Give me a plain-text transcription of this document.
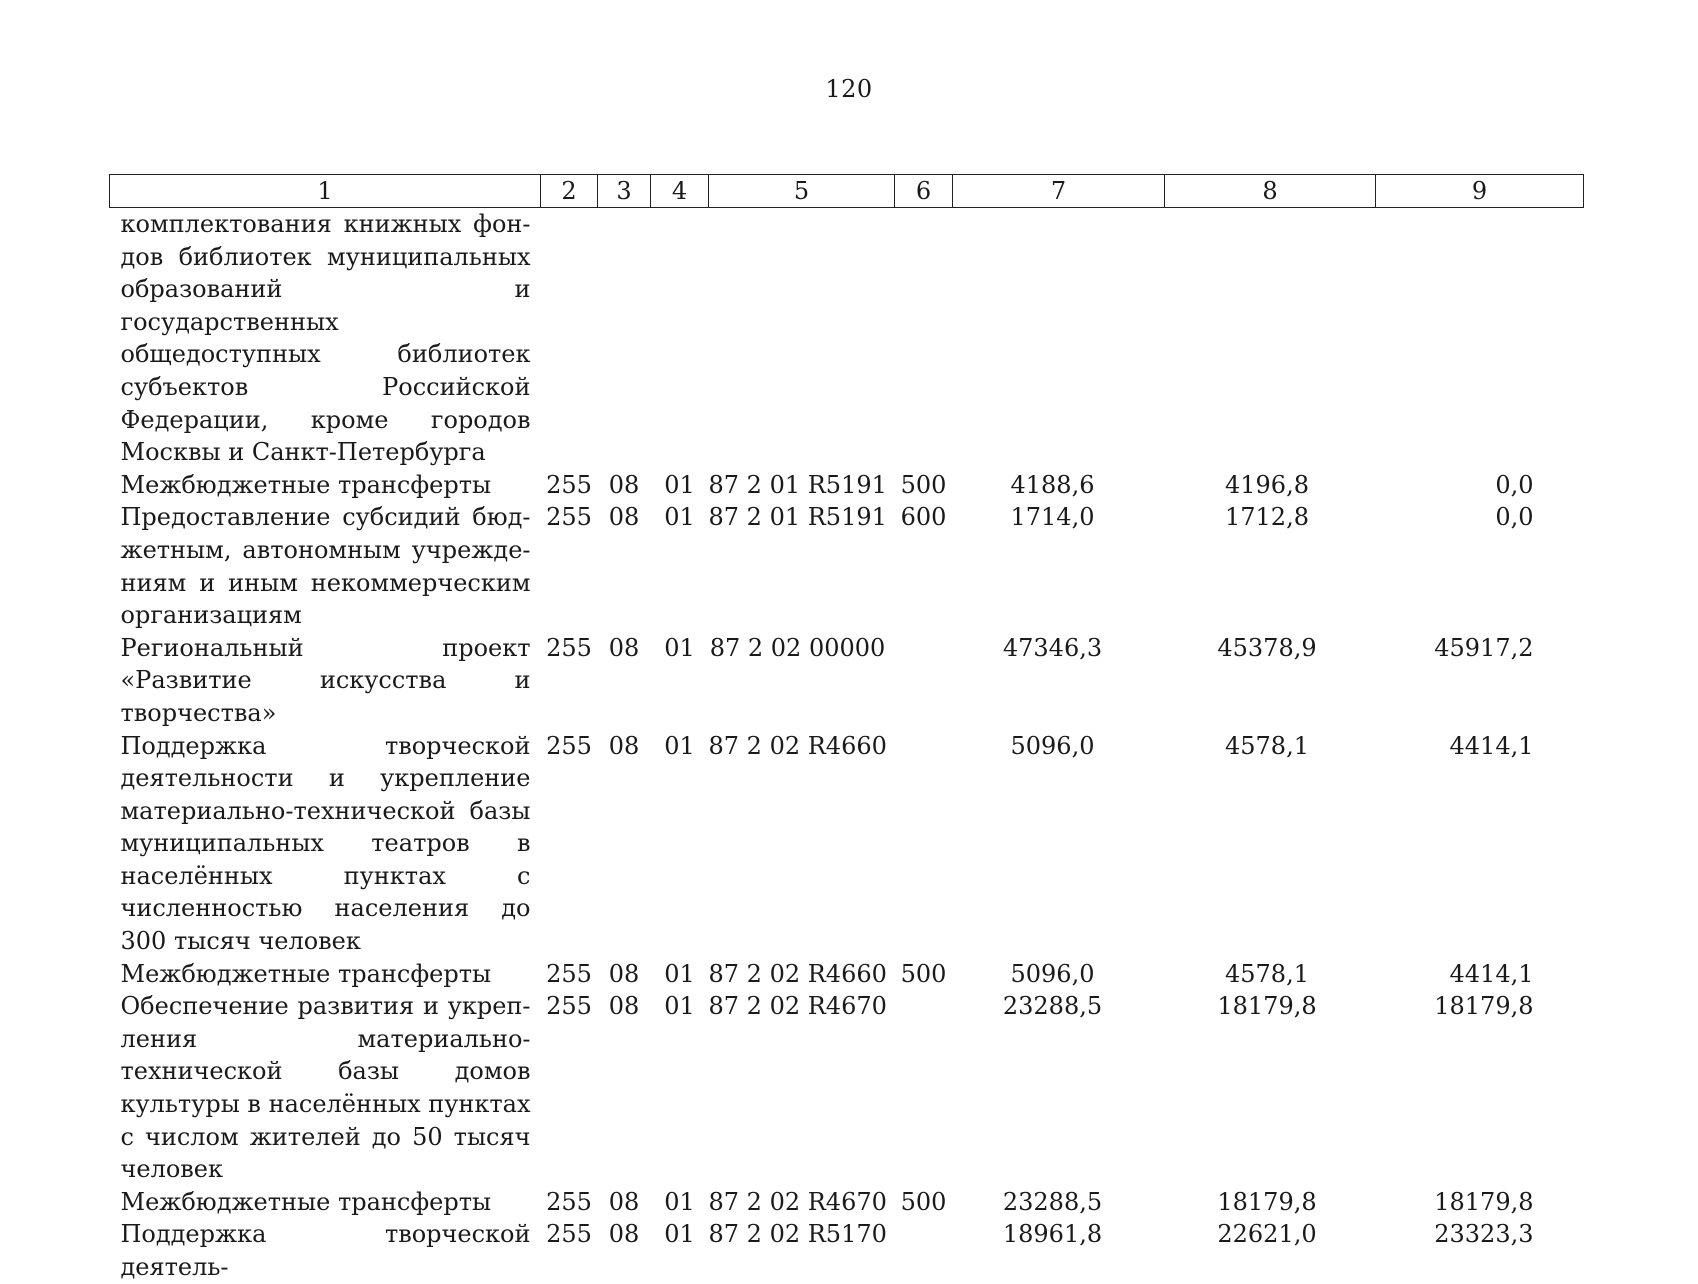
120
1	2	3	4	5	6	7	8	9
комплектования книжных фондов библиотек муниципальных образований и государственных общедоступных библиотек субъектов Российской Федерации, кроме городов Москвы и Санкт-Петербурга								
Межбюджетные трансферты	255	08	01	87 2 01 R5191	500	4188,6	4196,8	0,0
Предоставление субсидий бюджетным, автономным учреждениям и иным некоммерческим организациям	255	08	01	87 2 01 R5191	600	1714,0	1712,8	0,0
Региональный проект «Развитие искусства и творчества»	255	08	01	87 2 02 00000		47346,3	45378,9	45917,2
Поддержка творческой деятельности и укрепление материально-технической базы муниципальных театров в населённых пунктах с численностью населения до 300 тысяч человек	255	08	01	87 2 02 R4660		5096,0	4578,1	4414,1
Межбюджетные трансферты	255	08	01	87 2 02 R4660	500	5096,0	4578,1	4414,1
Обеспечение развития и укрепления материально-технической базы домов культуры в населённых пунктах с числом жителей до 50 тысяч человек	255	08	01	87 2 02 R4670		23288,5	18179,8	18179,8
Межбюджетные трансферты	255	08	01	87 2 02 R4670	500	23288,5	18179,8	18179,8
Поддержка творческой деятель-	255	08	01	87 2 02 R5170		18961,8	22621,0	23323,3
